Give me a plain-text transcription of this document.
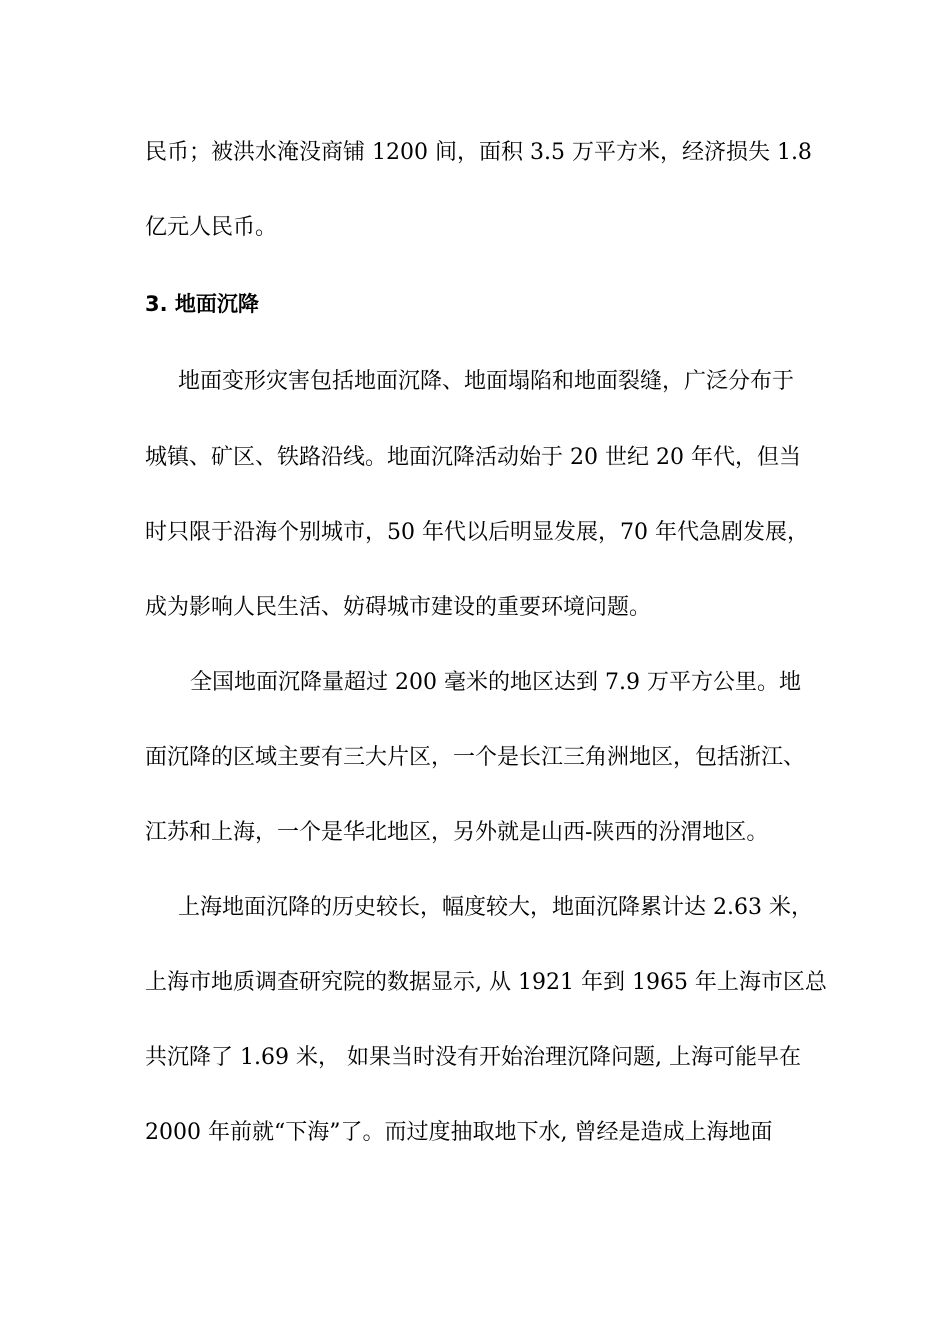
民币；被洪水淹没商铺 1200 间，面积 3.5 万平方米，经济损失 1.8
亿元人民币。
3. 地面沉降
地面变形灾害包括地面沉降、地面塌陷和地面裂缝，广泛分布于
城镇、矿区、铁路沿线。地面沉降活动始于 20 世纪 20 年代，但当
时只限于沿海个别城市，50 年代以后明显发展，70 年代急剧发展，
成为影响人民生活、妨碍城市建设的重要环境问题。
全国地面沉降量超过 200 毫米的地区达到 7.9 万平方公里。地
面沉降的区域主要有三大片区，一个是长江三角洲地区，包括浙江、
江苏和上海，一个是华北地区，另外就是山西-陕西的汾渭地区。
上海地面沉降的历史较长，幅度较大，地面沉降累计达 2.63 米，
上海市地质调查研究院的数据显示, 从 1921 年到 1965 年上海市区总
共沉降了 1.69 米， 如果当时没有开始治理沉降问题, 上海可能早在
2000 年前就“下海”了。而过度抽取地下水, 曾经是造成上海地面
